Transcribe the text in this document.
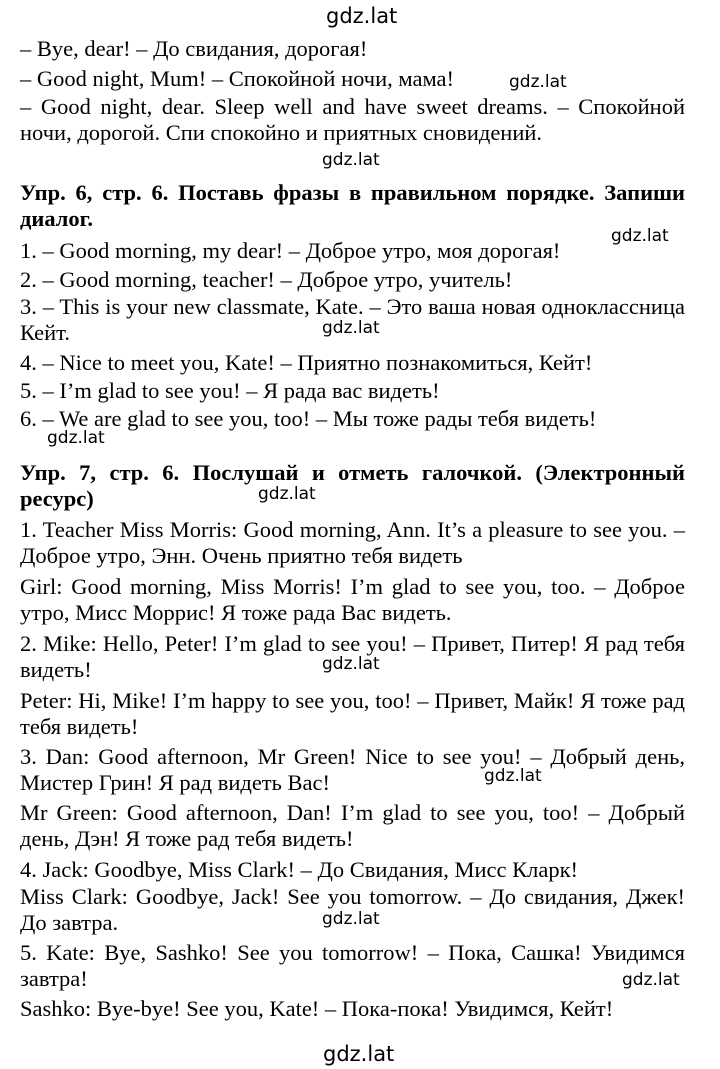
gdz.lat
gdz.lat
gdz.lat
gdz.lat
gdz.lat
gdz.lat
gdz.lat
gdz.lat
gdz.lat
gdz.lat
gdz.lat
gdz.lat
– Bye, dear! – До свидания, дорогая!
– Good night, Mum! – Спокойной ночи, мама!

– Good night, dear. Sleep well and have sweet dreams. – Спокойной ночи, дорогой. Спи спокойно и приятных сновидений.

Упр. 6, стр. 6. Поставь фразы в правильном порядке. Запиши диалог.

1. – Good morning, my dear! – Доброе утро, моя дорогая!
2. – Good morning, teacher! – Доброе утро, учитель!

3. – This is your new classmate, Kate. – Это ваша новая одноклассница Кейт.

4. – Nice to meet you, Kate! – Приятно познакомиться, Кейт!
5. – I’m glad to see you! – Я рада вас видеть!
6. – We are glad to see you, too! – Мы тоже рады тебя видеть!

Упр. 7, стр. 6. Послушай и отметь галочкой. (Электронный ресурс)

1. Teacher Miss Morris: Good morning, Ann. It’s a pleasure to see you. – Доброе утро, Энн. Очень приятно тебя видеть

Girl: Good morning, Miss Morris! I’m glad to see you, too. – Доброе утро, Мисс Моррис! Я тоже рада Вас видеть.

2. Mike: Hello, Peter! I’m glad to see you! – Привет, Питер! Я рад тебя видеть!

Peter: Hi, Mike! I’m happy to see you, too! – Привет, Майк! Я тоже рад тебя видеть!

3. Dan: Good afternoon, Mr Green! Nice to see you! – Добрый день, Мистер Грин! Я рад видеть Вас!

Mr Green: Good afternoon, Dan! I’m glad to see you, too! – Добрый день, Дэн! Я тоже рад тебя видеть!

4. Jack: Goodbye, Miss Clark! – До Свидания, Мисс Кларк!

Miss Clark: Goodbye, Jack! See you tomorrow. – До свидания, Джек! До завтра.

5. Kate: Bye, Sashko! See you tomorrow! – Пока, Сашка! Увидимся завтра!

Sashko: Bye-bye! See you, Kate! – Пока-пока! Увидимся, Кейт!
